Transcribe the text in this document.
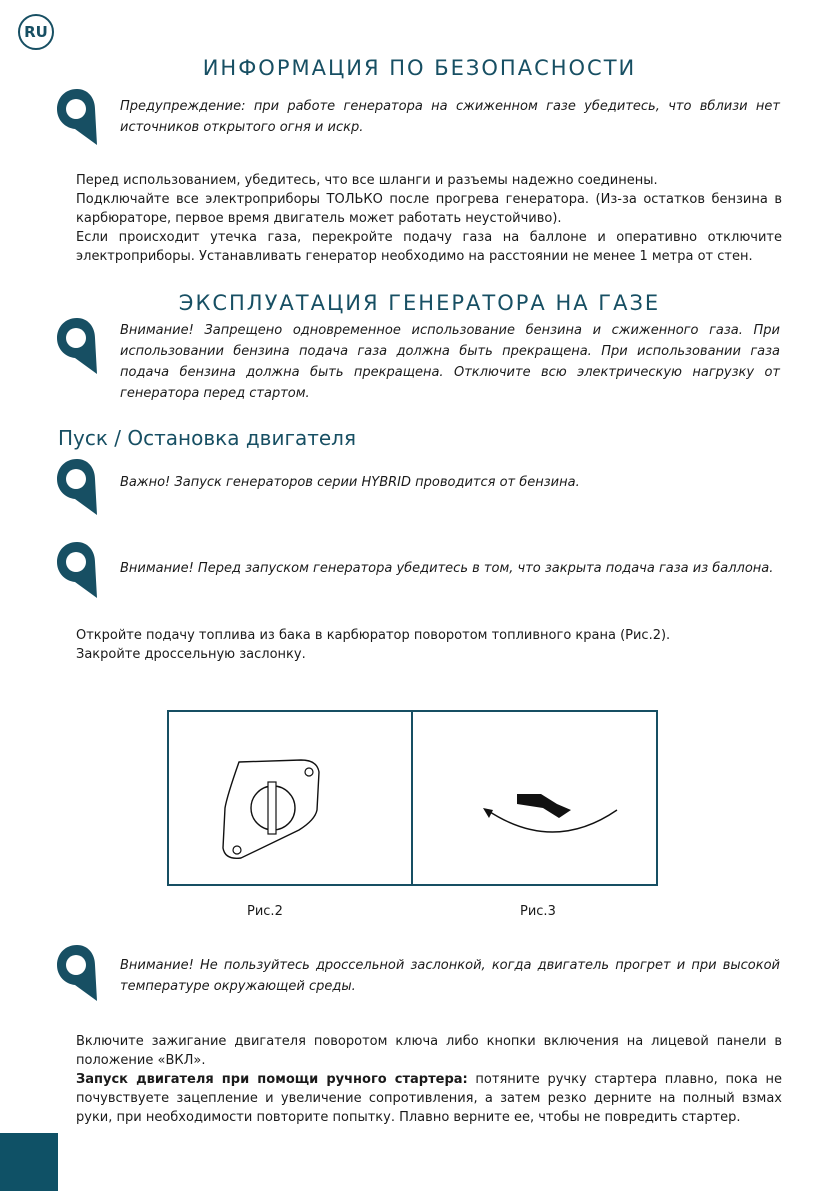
RU
ИНФОРМАЦИЯ ПО БЕЗОПАСНОСТИ
Предупреждение: при работе генератора на сжиженном газе убедитесь, что вблизи нет источников открытого огня и искр.

Перед использованием, убедитесь, что все шланги и разъемы надежно соединены.

Подключайте все электроприборы ТОЛЬКО после прогрева генератора. (Из-за остатков бензина в карбюраторе, первое время двигатель может работать неустойчиво).

Если происходит утечка газа, перекройте подачу газа на баллоне и оперативно отключите электроприборы. Устанавливать генератор необходимо на расстоянии не менее 1 метра от стен.

ЭКСПЛУАТАЦИЯ ГЕНЕРАТОРА НА ГАЗЕ
Внимание! Запрещено одновременное использование бензина и сжиженного газа. При использовании бензина подача газа должна быть прекращена. При использовании газа подача бензина должна быть прекращена. Отключите всю электрическую нагрузку от генератора перед стартом.
Пуск / Остановка двигателя
Важно! Запуск генераторов серии HYBRID проводится от бензина.
Внимание! Перед запуском генератора убедитесь в том, что закрыта подача газа из баллона.

Откройте подачу топлива из бака в карбюратор поворотом топливного крана (Рис.2).

Закройте дроссельную заслонку.

Рис.2	Рис.3
Внимание! Не пользуйтесь дроссельной заслонкой, когда двигатель прогрет и при высокой температуре окружающей среды.

Включите зажигание двигателя поворотом ключа либо кнопки включения на лицевой панели в положение «ВКЛ».

Запуск двигателя при помощи ручного стартера: потяните ручку стартера плавно, пока не почувствуете зацепление и увеличение сопротивления, а затем резко дерните на полный взмах руки, при необходимости повторите попытку. Плавно верните ее, чтобы не повредить стартер.
